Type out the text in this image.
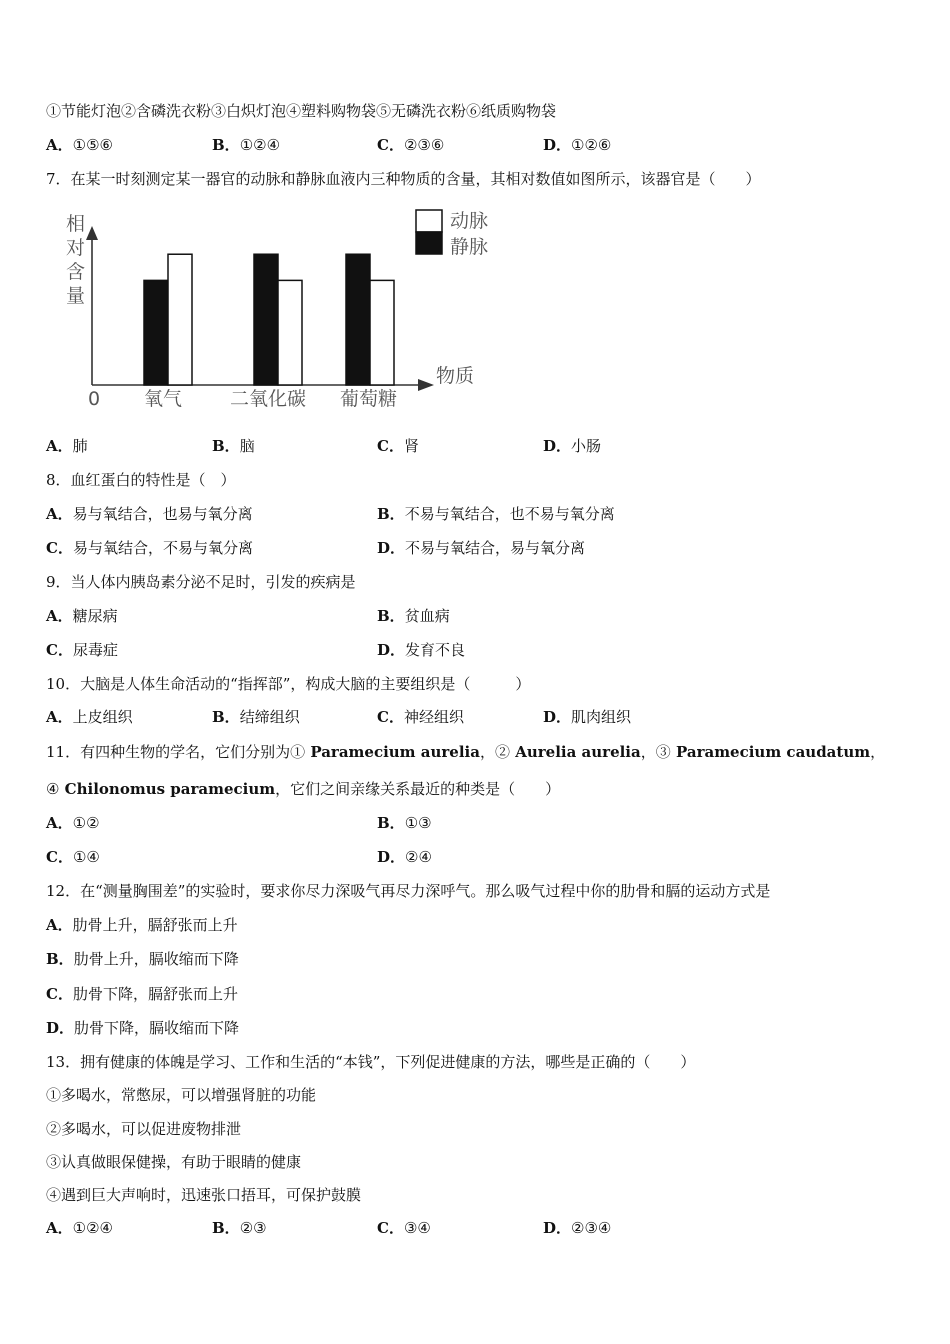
①节能灯泡②含磷洗衣粉③白炽灯泡④塑料购物袋⑤无磷洗衣粉⑥纸质购物袋
A．①⑤⑥	B．①②④	C．②③⑥	D．①②⑥
7．在某一时刻测定某一器官的动脉和静脉血液内三种物质的含量，其相对数值如图所示，该器官是（　　）
相对含量
物质
0 氧气	二氧化碳 葡萄糖
动脉
静脉
A．肺	B．脑	C．肾	D．小肠
8．血红蛋白的特性是（　）
A．易与氧结合，也易与氧分离	B．不易与氧结合，也不易与氧分离
C．易与氧结合，不易与氧分离	D．不易与氧结合，易与氧分离
9．当人体内胰岛素分泌不足时，引发的疾病是
A．糖尿病	B．贫血病
C．尿毒症	D．发育不良
10．大脑是人体生命活动的“指挥部”，构成大脑的主要组织是（　　　）
A．上皮组织	B．结缔组织	C．神经组织	D．肌肉组织
11．有四种生物的学名，它们分别为① Paramecium aurelia，② Aurelia aurelia，③ Paramecium caudatum，
④ Chilonomus paramecium，它们之间亲缘关系最近的种类是（　　）
A．①②	B．①③
C．①④	D．②④
12．在“测量胸围差”的实验时，要求你尽力深吸气再尽力深呼气。那么吸气过程中你的肋骨和膈的运动方式是
A．肋骨上升，膈舒张而上升
B．肋骨上升，膈收缩而下降
C．肋骨下降，膈舒张而上升
D．肋骨下降，膈收缩而下降
13．拥有健康的体魄是学习、工作和生活的“本钱”，下列促进健康的方法，哪些是正确的（　　）
①多喝水，常憋尿，可以增强肾脏的功能
②多喝水，可以促进废物排泄
③认真做眼保健操，有助于眼睛的健康
④遇到巨大声响时，迅速张口捂耳，可保护鼓膜
A．①②④	B．②③	C．③④	D．②③④
